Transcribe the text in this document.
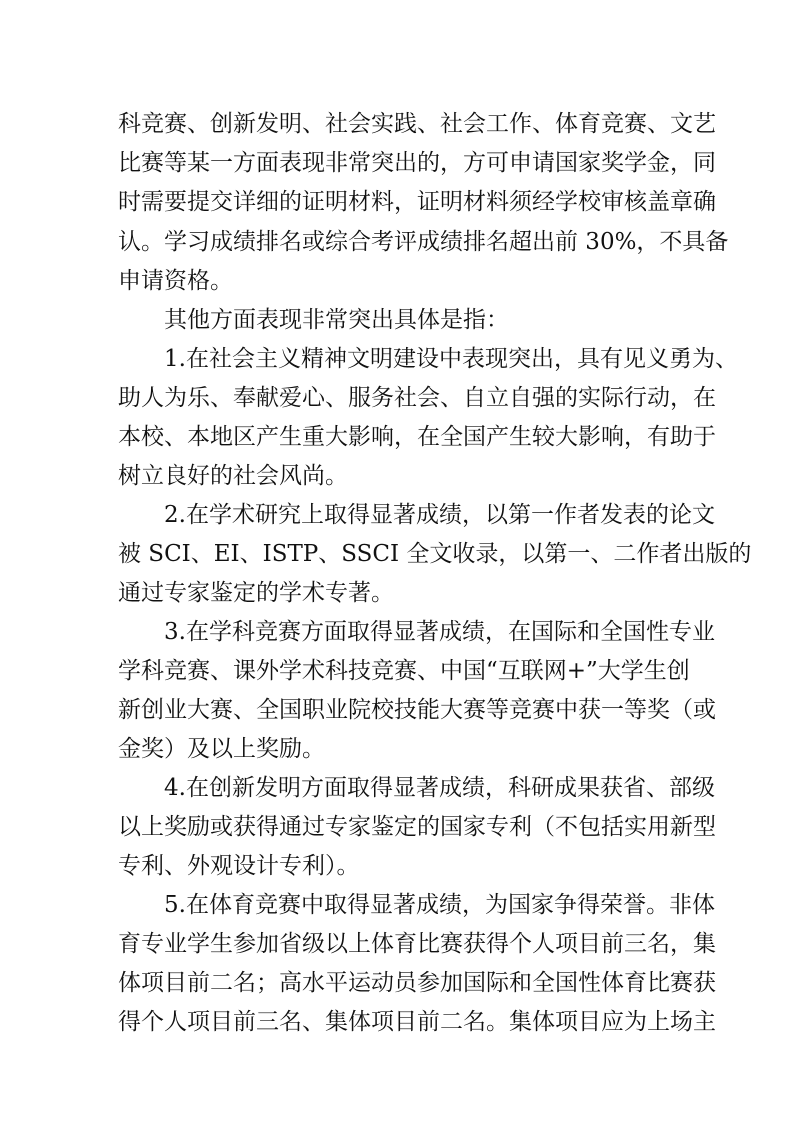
科竞赛、创新发明、社会实践、社会工作、体育竞赛、文艺
比赛等某一方面表现非常突出的，方可申请国家奖学金，同
时需要提交详细的证明材料，证明材料须经学校审核盖章确
认。学习成绩排名或综合考评成绩排名超出前 30%，不具备
申请资格。
其他方面表现非常突出具体是指：
1.在社会主义精神文明建设中表现突出，具有见义勇为、
助人为乐、奉献爱心、服务社会、自立自强的实际行动，在
本校、本地区产生重大影响，在全国产生较大影响，有助于
树立良好的社会风尚。
2.在学术研究上取得显著成绩，以第一作者发表的论文
被 SCI、EI、ISTP、SSCI 全文收录，以第一、二作者出版的
通过专家鉴定的学术专著。
3.在学科竞赛方面取得显著成绩，在国际和全国性专业
学科竞赛、课外学术科技竞赛、中国“互联网+”大学生创
新创业大赛、全国职业院校技能大赛等竞赛中获一等奖（或
金奖）及以上奖励。
4.在创新发明方面取得显著成绩，科研成果获省、部级
以上奖励或获得通过专家鉴定的国家专利（不包括实用新型
专利、外观设计专利）。
5.在体育竞赛中取得显著成绩，为国家争得荣誉。非体
育专业学生参加省级以上体育比赛获得个人项目前三名，集
体项目前二名；高水平运动员参加国际和全国性体育比赛获
得个人项目前三名、集体项目前二名。集体项目应为上场主
